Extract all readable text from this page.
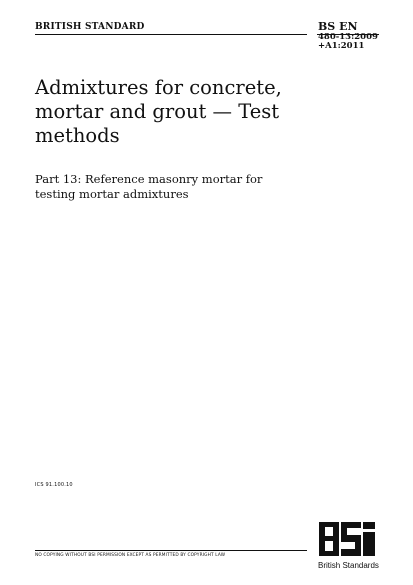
BRITISH STANDARD	BS EN
480-13:2009
+A1:2011
Admixtures for concrete, mortar and grout — Test methods

Part 13: Reference masonry mortar for testing mortar admixtures

ICS 91.100.10
NO COPYING WITHOUT BSI PERMISSION EXCEPT AS PERMITTED BY COPYRIGHT LAW
British Standards
